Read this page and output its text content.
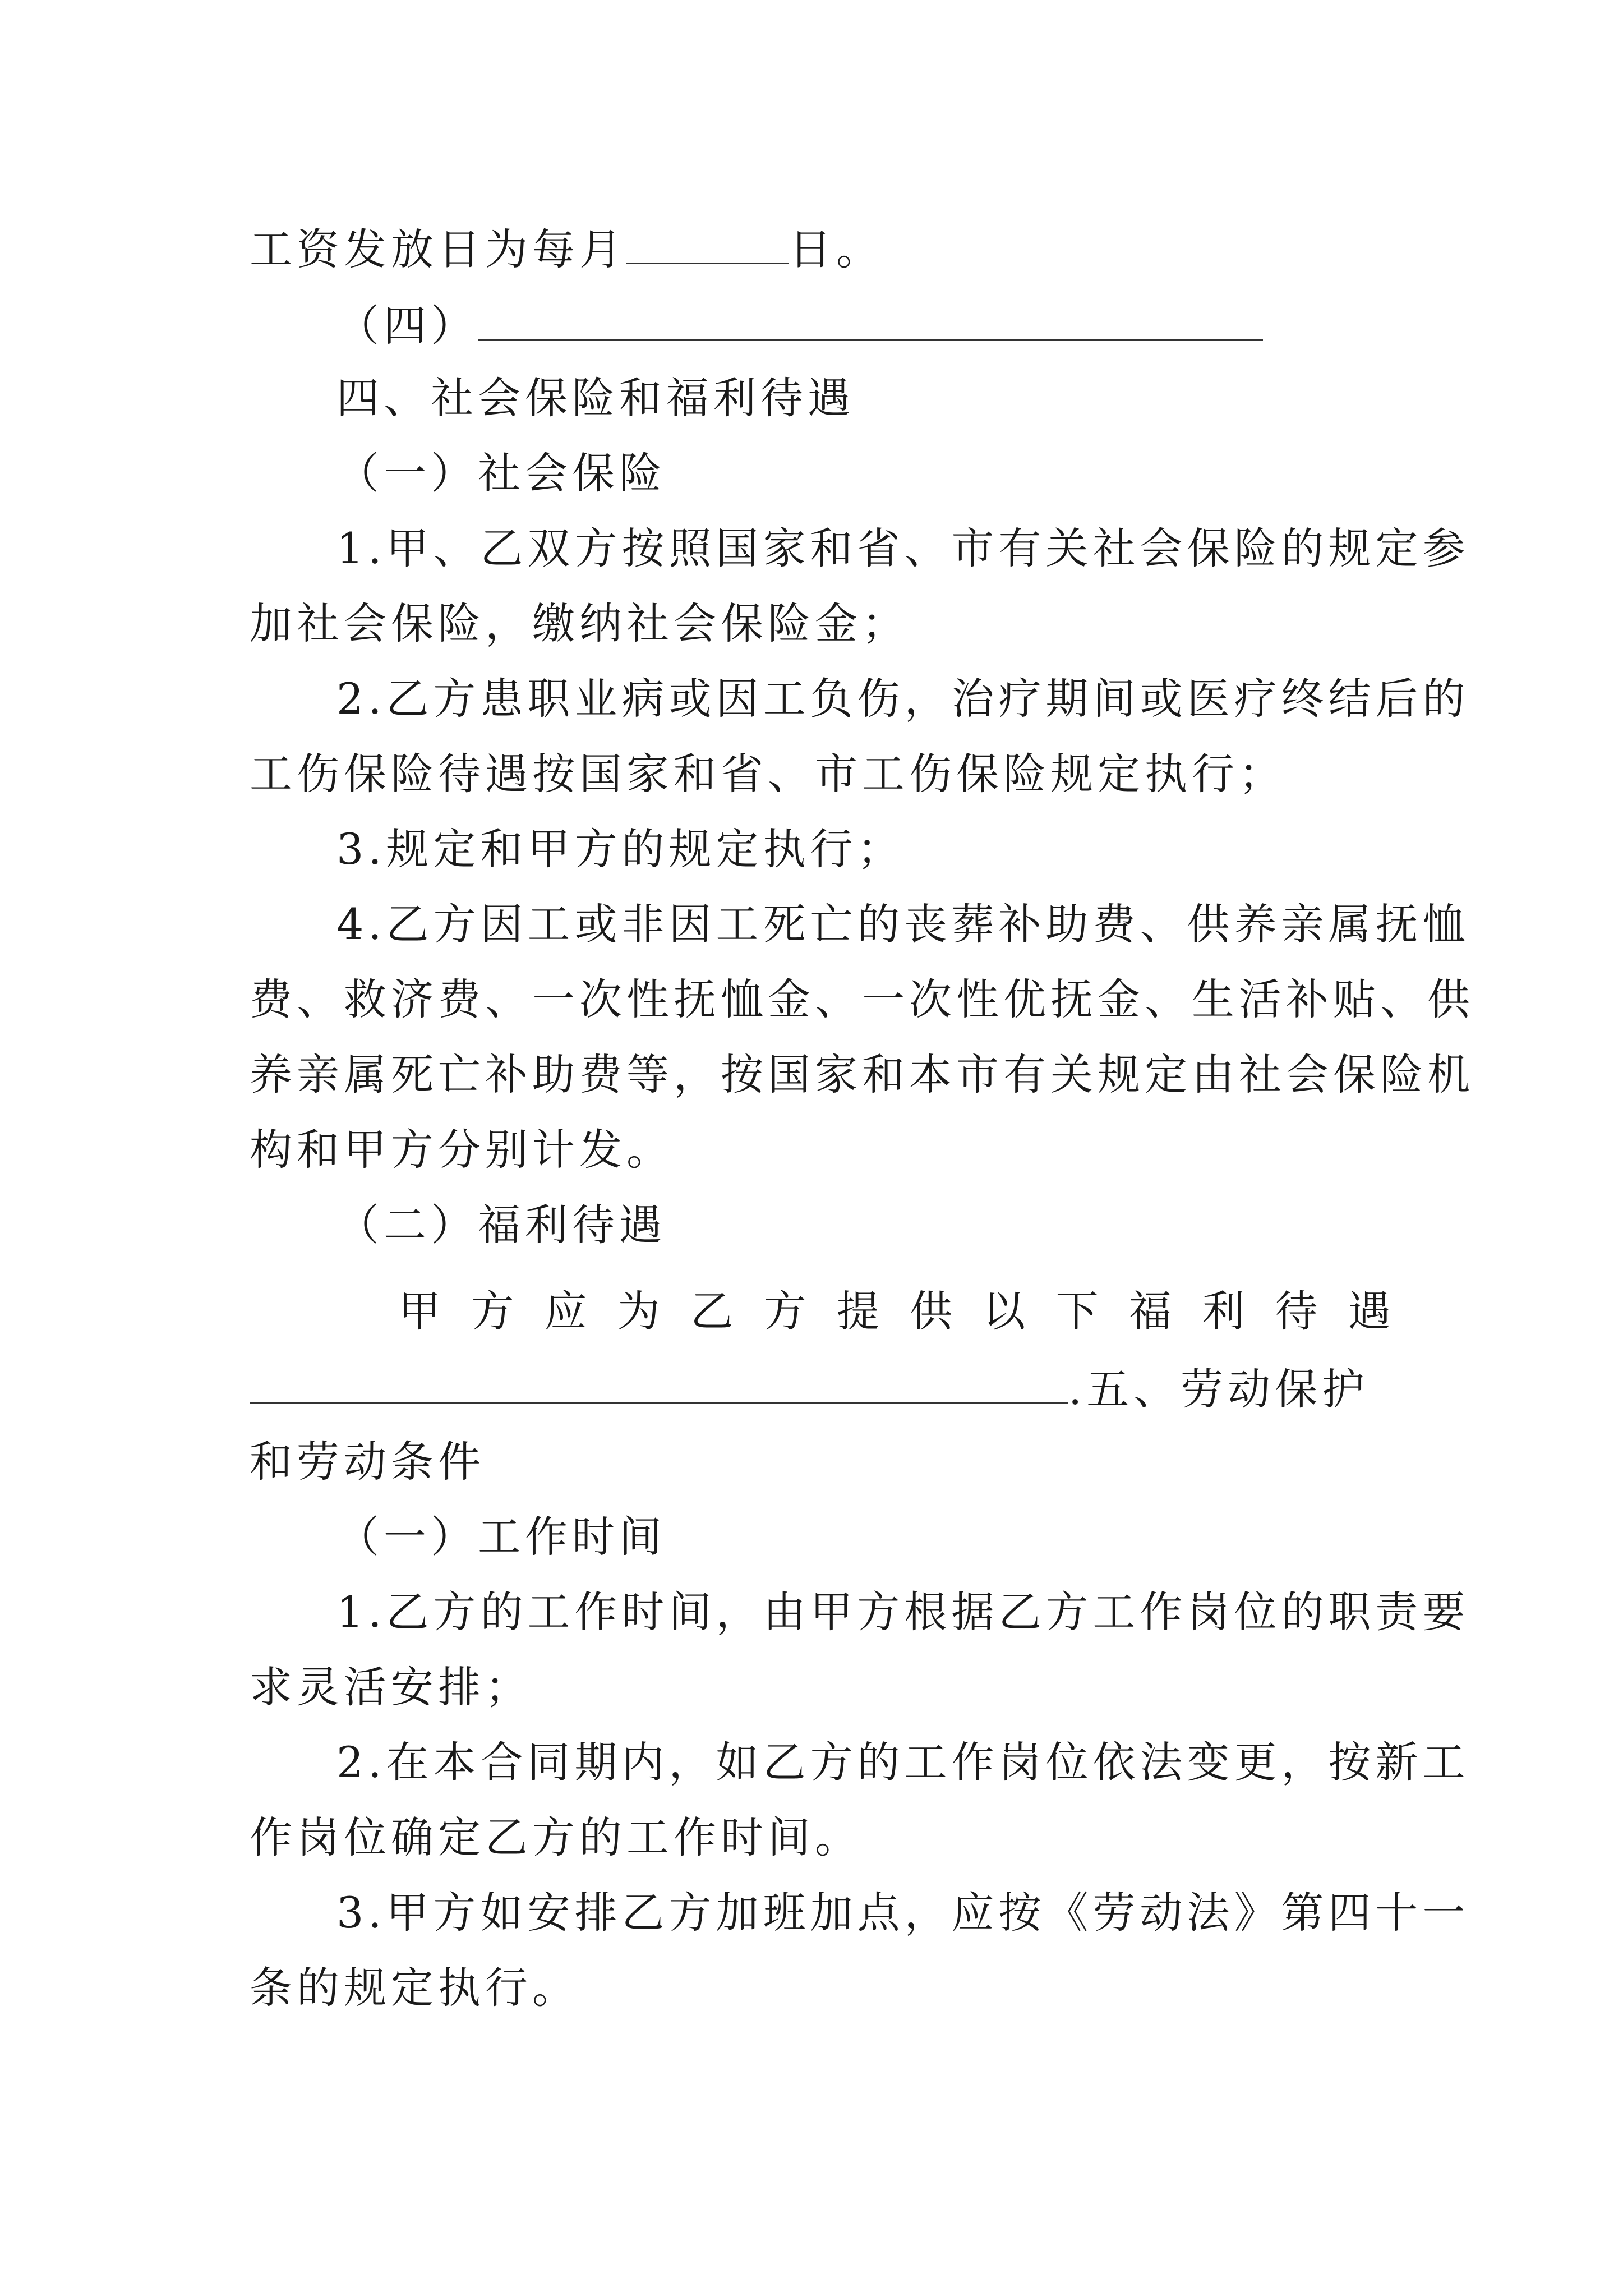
工资发放日为每月	日。
（四）
四、社会保险和福利待遇
（一）社会保险
1.甲、乙双方按照国家和省、市有关社会保险的规定参
加社会保险，缴纳社会保险金；
2.乙方患职业病或因工负伤，治疗期间或医疗终结后的
工伤保险待遇按国家和省、市工伤保险规定执行；
3.规定和甲方的规定执行；
4.乙方因工或非因工死亡的丧葬补助费、供养亲属抚恤
费、救济费、一次性抚恤金、一次性优抚金、生活补贴、供
养亲属死亡补助费等，按国家和本市有关规定由社会保险机
构和甲方分别计发。
（二）福利待遇
甲 方 应 为 乙 方 提 供 以 下 福 利 待 遇
.五、劳动保护
和劳动条件
（一）工作时间
1.乙方的工作时间，由甲方根据乙方工作岗位的职责要
求灵活安排；
2.在本合同期内，如乙方的工作岗位依法变更，按新工
作岗位确定乙方的工作时间。
3.甲方如安排乙方加班加点，应按《劳动法》第四十一
条的规定执行。
